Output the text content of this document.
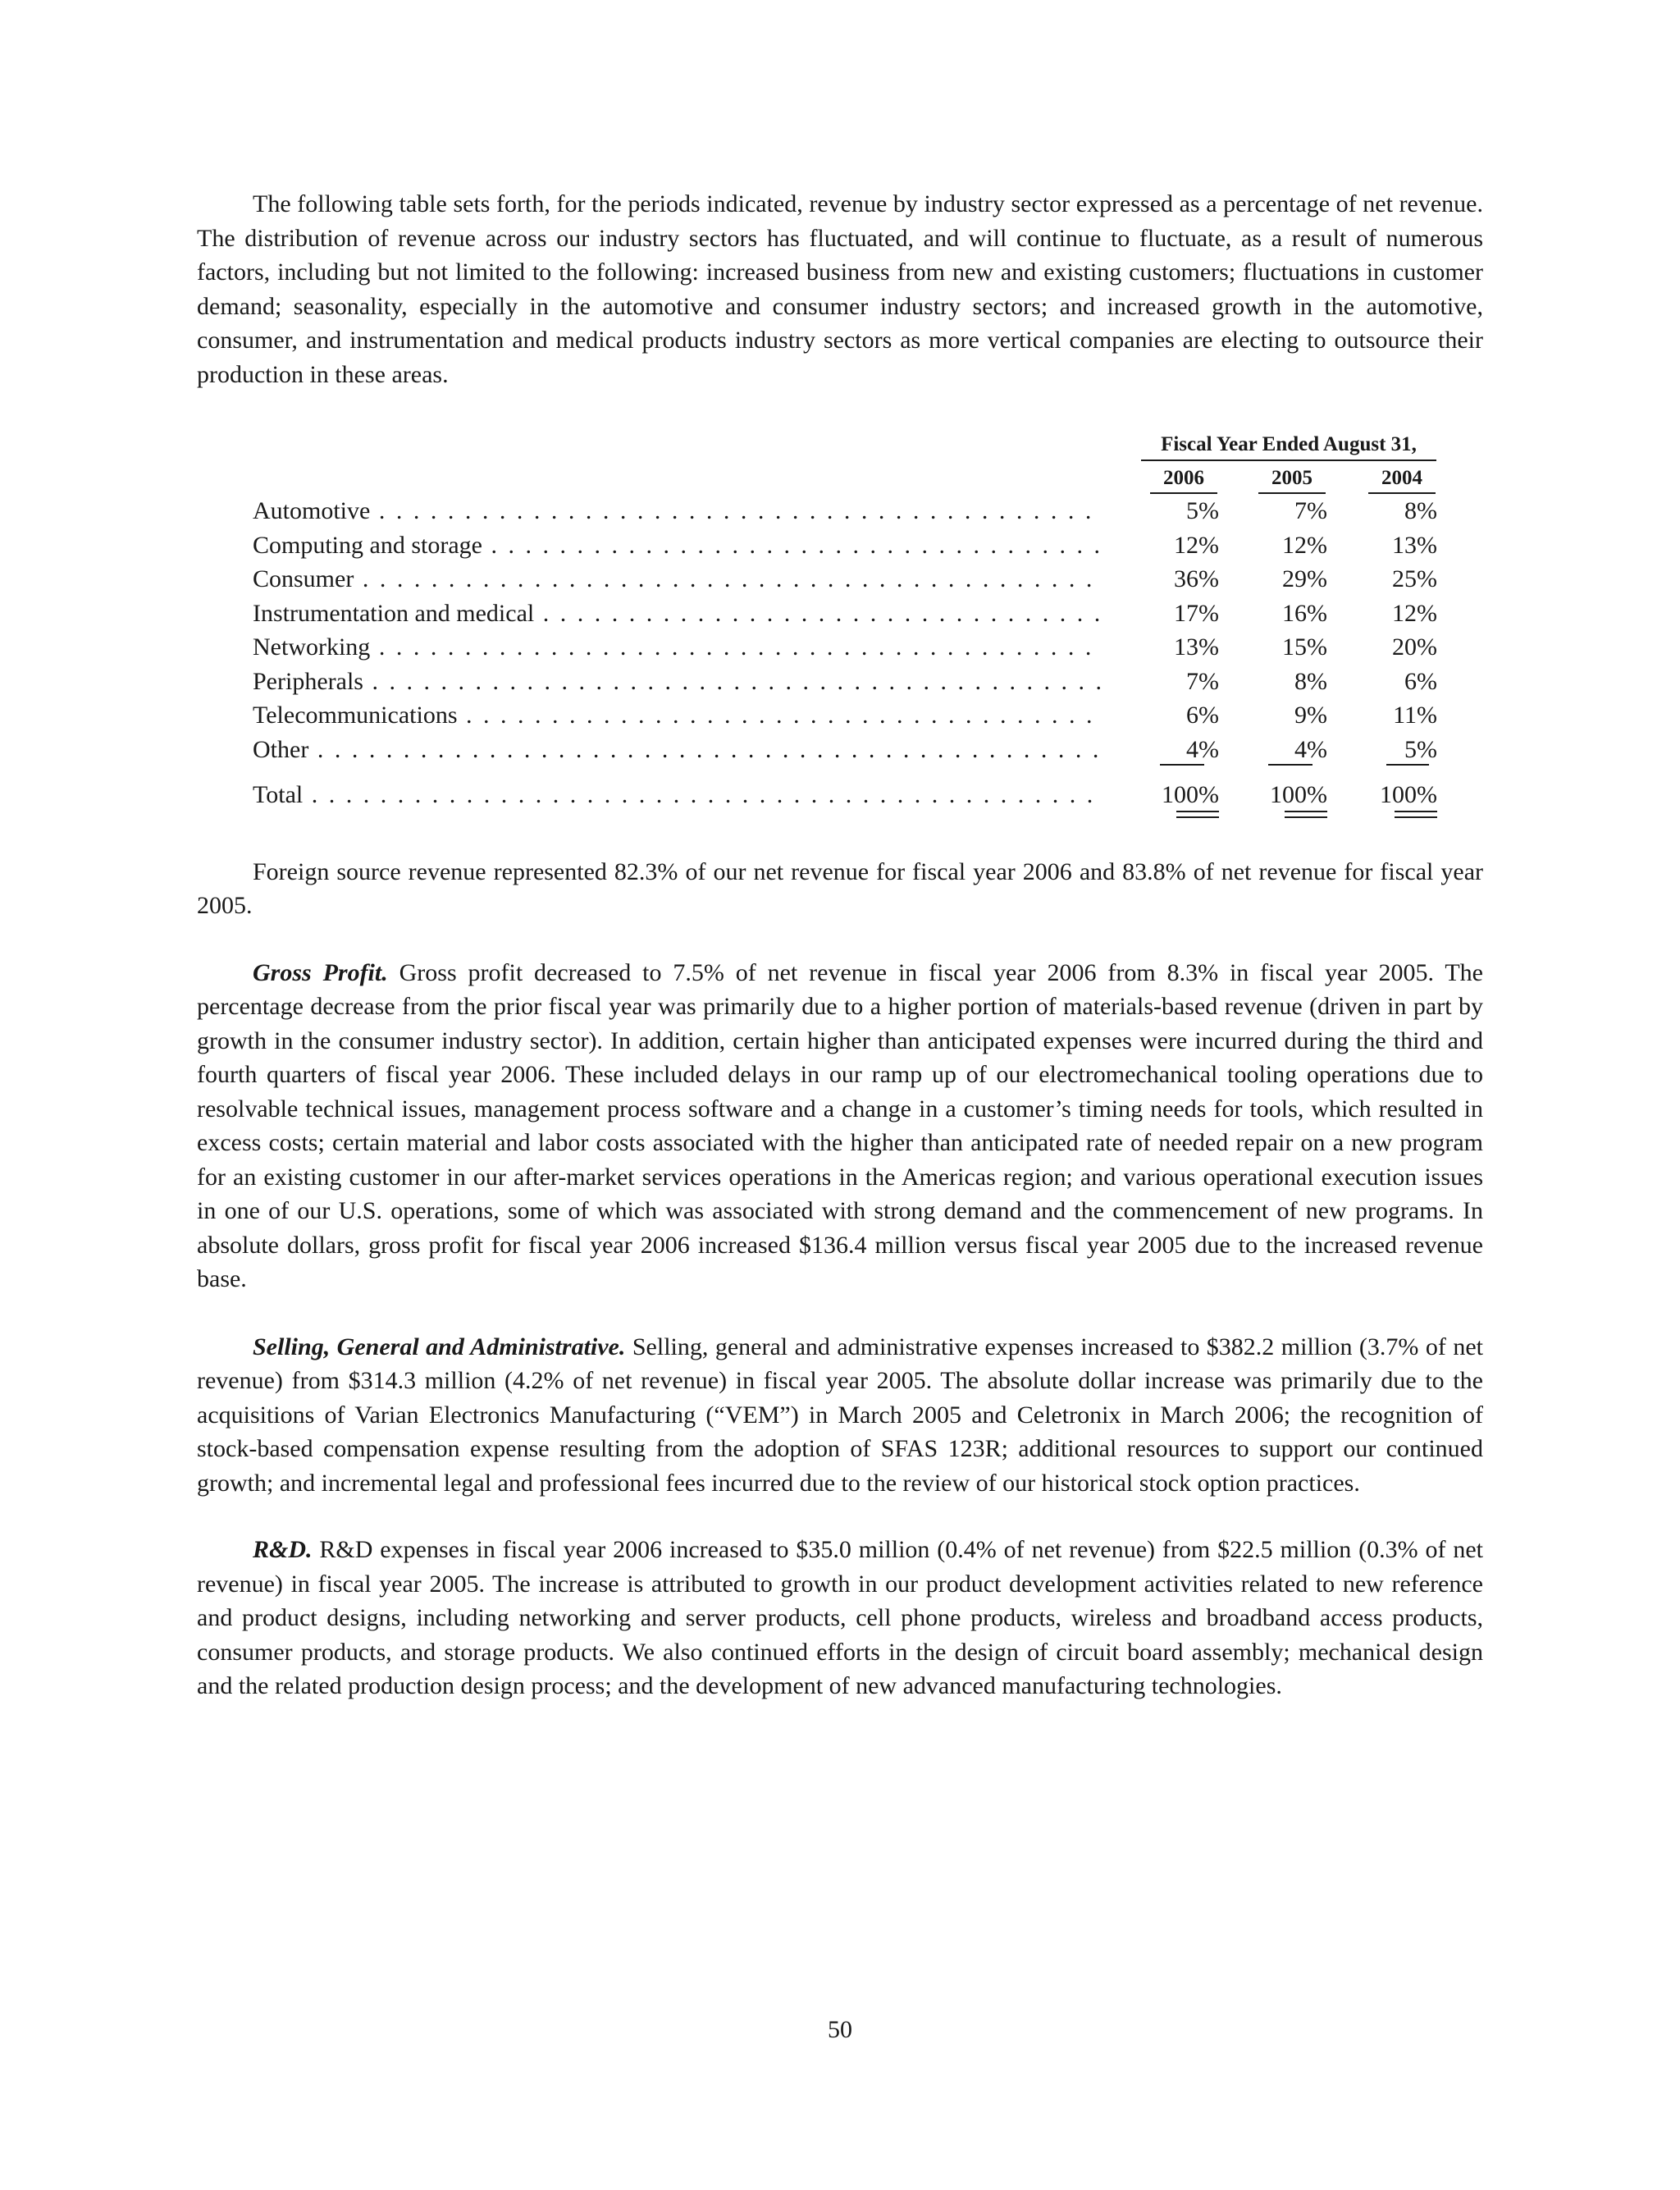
The following table sets forth, for the periods indicated, revenue by industry sector expressed as a percentage of net revenue. The distribution of revenue across our industry sectors has fluctuated, and will continue to fluctuate, as a result of numerous factors, including but not limited to the following: increased business from new and existing customers; fluctuations in customer demand; seasonality, especially in the automotive and consumer industry sectors; and increased growth in the automotive, consumer, and instrumentation and medical products industry sectors as more vertical companies are electing to outsource their production in these areas.

Fiscal Year Ended August 31,
2006	2005	2004
Automotive . . .	5%	7%	8%
Computing and storage . . .	12%	12%	13%
Consumer . . .	36%	29%	25%
Instrumentation and medical . . .	17%	16%	12%
Networking . . .	13%	15%	20%
Peripherals . . .	7%	8%	6%
Telecommunications . . .	6%	9%	11%
Other . . .	4%	4%	5%
Total . . .	100%	100%	100%

Foreign source revenue represented 82.3% of our net revenue for fiscal year 2006 and 83.8% of net revenue for fiscal year 2005.

Gross Profit. Gross profit decreased to 7.5% of net revenue in fiscal year 2006 from 8.3% in fiscal year 2005. The percentage decrease from the prior fiscal year was primarily due to a higher portion of materials-based revenue (driven in part by growth in the consumer industry sector). In addition, certain higher than anticipated expenses were incurred during the third and fourth quarters of fiscal year 2006. These included delays in our ramp up of our electromechanical tooling operations due to resolvable technical issues, management process software and a change in a customer’s timing needs for tools, which resulted in excess costs; certain material and labor costs associated with the higher than anticipated rate of needed repair on a new program for an existing customer in our after-market services operations in the Americas region; and various operational execution issues in one of our U.S. operations, some of which was associated with strong demand and the commencement of new programs. In absolute dollars, gross profit for fiscal year 2006 increased $136.4 million versus fiscal year 2005 due to the increased revenue base.

Selling, General and Administrative. Selling, general and administrative expenses increased to $382.2 million (3.7% of net revenue) from $314.3 million (4.2% of net revenue) in fiscal year 2005. The absolute dollar increase was primarily due to the acquisitions of Varian Electronics Manufacturing (“VEM”) in March 2005 and Celetronix in March 2006; the recognition of stock-based compensation expense resulting from the adoption of SFAS 123R; additional resources to support our continued growth; and incremental legal and professional fees incurred due to the review of our historical stock option practices.

R&D. R&D expenses in fiscal year 2006 increased to $35.0 million (0.4% of net revenue) from $22.5 million (0.3% of net revenue) in fiscal year 2005. The increase is attributed to growth in our product development activities related to new reference and product designs, including networking and server products, cell phone products, wireless and broadband access products, consumer products, and storage products. We also continued efforts in the design of circuit board assembly; mechanical design and the related production design process; and the development of new advanced manufacturing technologies.

50
